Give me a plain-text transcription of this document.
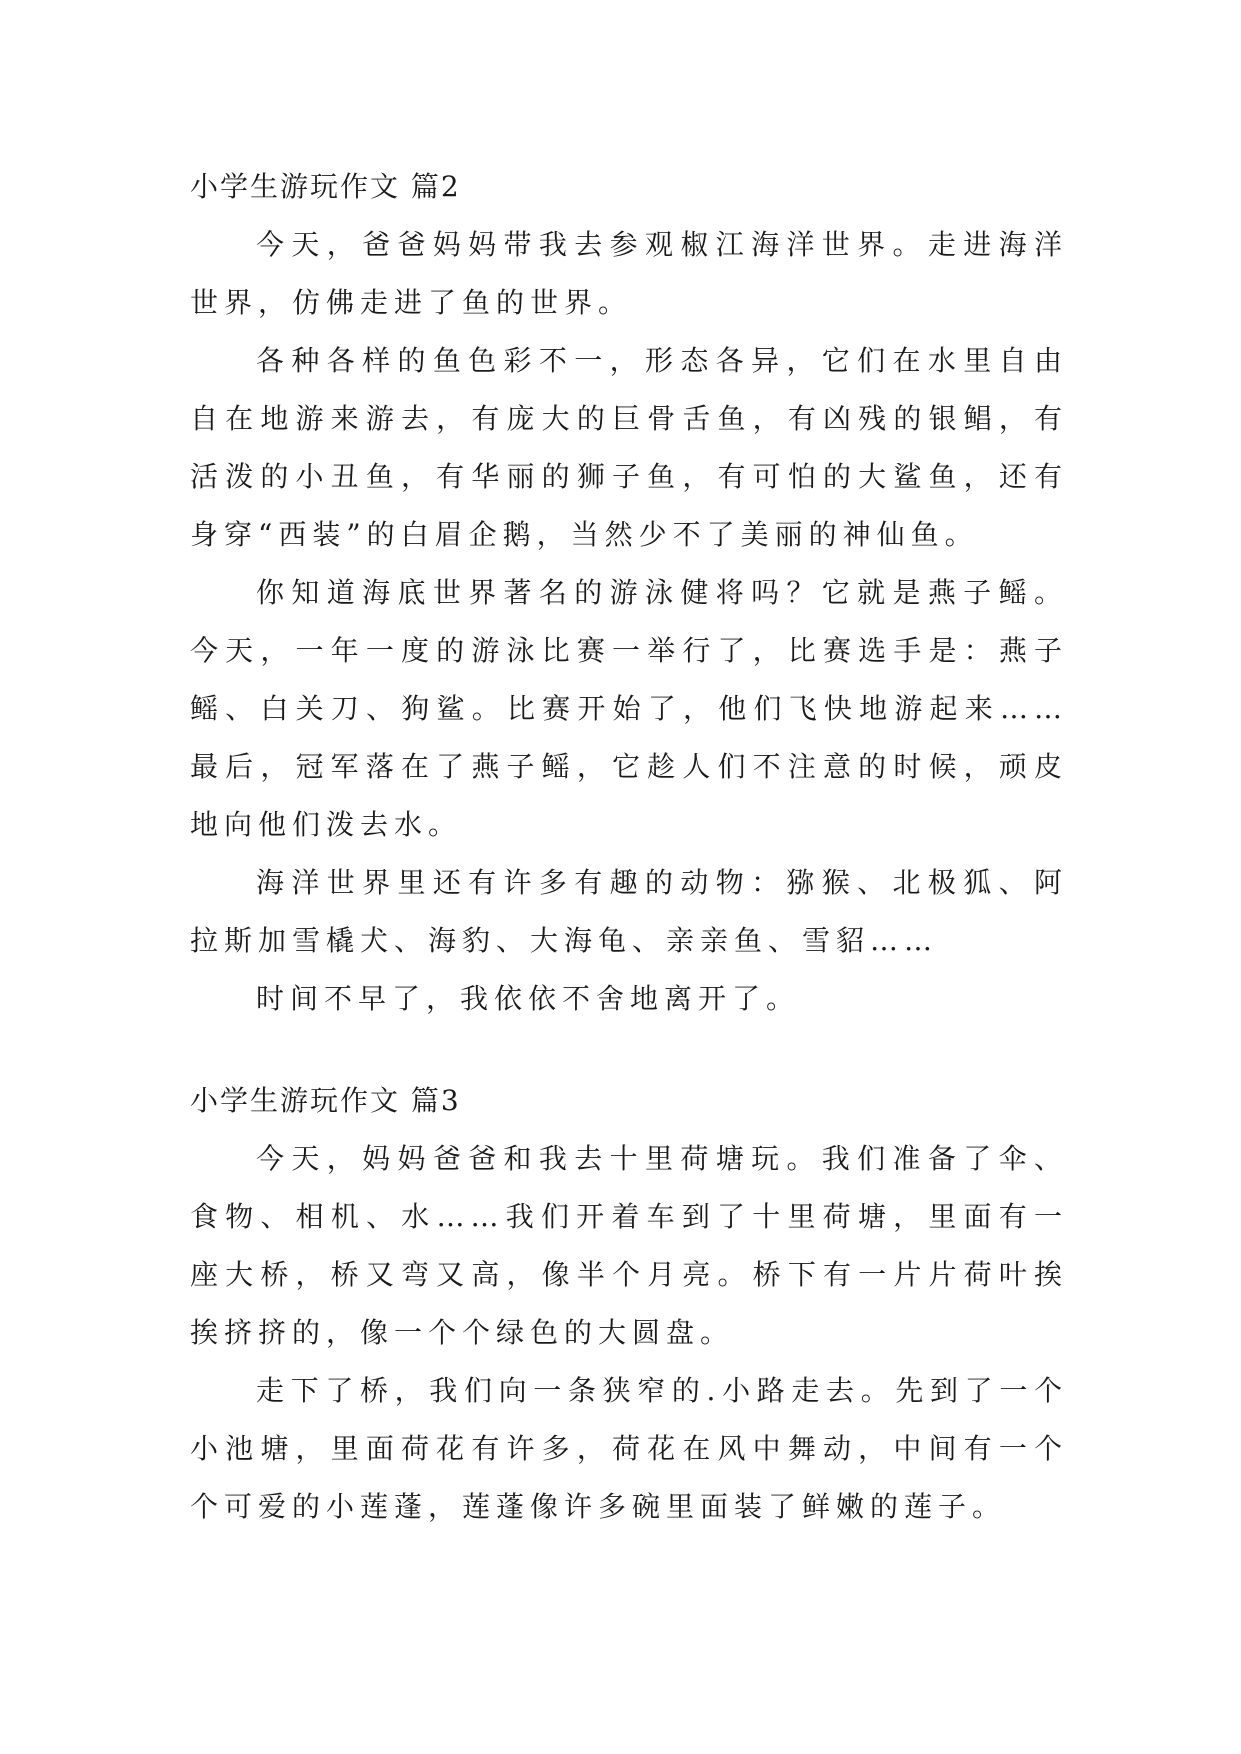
小学生游玩作文 篇2

今天，爸爸妈妈带我去参观椒江海洋世界。走进海洋世界，仿佛走进了鱼的世界。

各种各样的鱼色彩不一，形态各异，它们在水里自由自在地游来游去，有庞大的巨骨舌鱼，有凶残的银鲳，有活泼的小丑鱼，有华丽的狮子鱼，有可怕的大鲨鱼，还有身穿“西装”的白眉企鹅，当然少不了美丽的神仙鱼。

你知道海底世界著名的游泳健将吗？它就是燕子鳐。今天，一年一度的游泳比赛一举行了，比赛选手是：燕子鳐、白关刀、狗鲨。比赛开始了，他们飞快地游起来……最后，冠军落在了燕子鳐，它趁人们不注意的时候，顽皮地向他们泼去水。

海洋世界里还有许多有趣的动物：猕猴、北极狐、阿拉斯加雪橇犬、海豹、大海龟、亲亲鱼、雪貂……

时间不早了，我依依不舍地离开了。

小学生游玩作文 篇3

今天，妈妈爸爸和我去十里荷塘玩。我们准备了伞、食物、相机、水……我们开着车到了十里荷塘，里面有一座大桥，桥又弯又高，像半个月亮。桥下有一片片荷叶挨挨挤挤的，像一个个绿色的大圆盘。

走下了桥，我们向一条狭窄的.小路走去。先到了一个小池塘，里面荷花有许多，荷花在风中舞动，中间有一个个可爱的小莲蓬，莲蓬像许多碗里面装了鲜嫩的莲子。
